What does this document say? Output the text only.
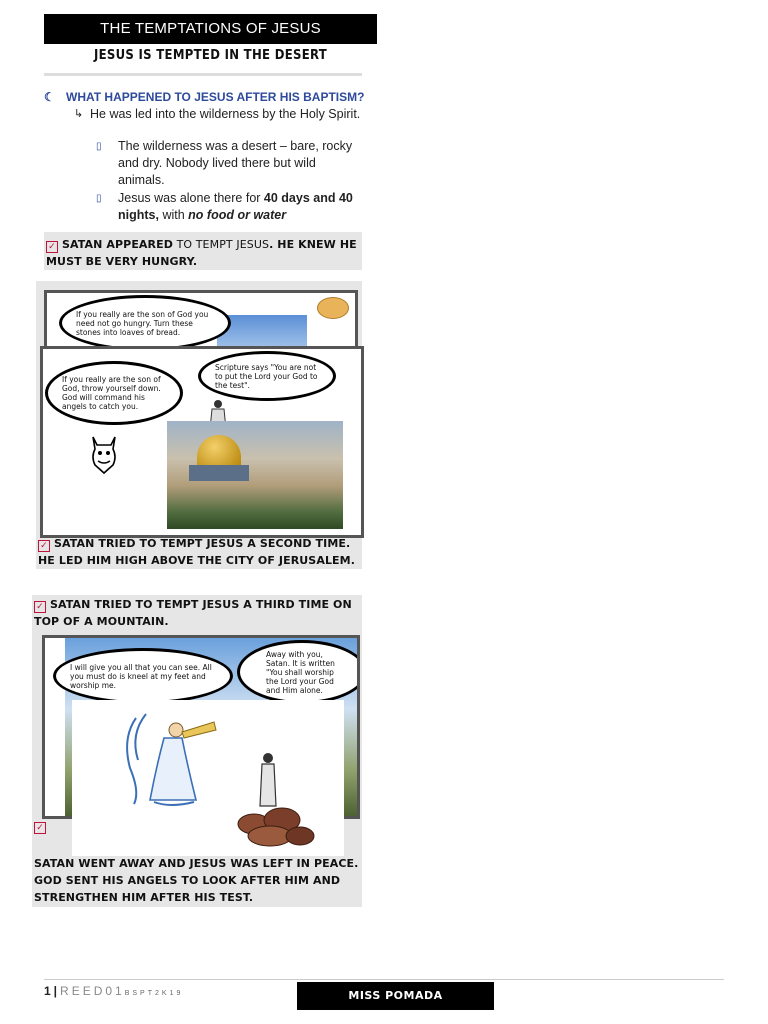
THE TEMPTATIONS OF JESUS
JESUS IS TEMPTED IN THE DESERT
☾ WHAT HAPPENED TO JESUS AFTER HIS BAPTISM?
↳ He was led into the wilderness by the Holy Spirit.
▯	The wilderness was a desert – bare, rocky and dry. Nobody lived there but wild animals.
▯	Jesus was alone there for 40 days and 40 nights, with no food or water
✓ SATAN APPEARED TO TEMPT JESUS. HE KNEW HE MUST BE VERY HUNGRY.
If you really are the son of God you need not go hungry. Turn these stones into loaves of bread.
If you really are the son of God, throw yourself down. God will command his angels to catch you.
Scripture says "You are not to put the Lord your God to the test".
✓ SATAN TRIED TO TEMPT JESUS A SECOND TIME. HE LED HIM HIGH ABOVE THE CITY OF JERUSALEM.
✓ SATAN TRIED TO TEMPT JESUS A THIRD TIME ON TOP OF A MOUNTAIN.
I will give you all that you can see. All you must do is kneel at my feet and worship me.
Away with you, Satan. It is written "You shall worship the Lord your God and Him alone.
✓
SATAN WENT AWAY AND JESUS WAS LEFT IN PEACE. GOD SENT HIS ANGELS TO LOOK AFTER HIM AND STRENGTHEN HIM AFTER HIS TEST.
1|REED01BSPT2K19	MISS POMADA
